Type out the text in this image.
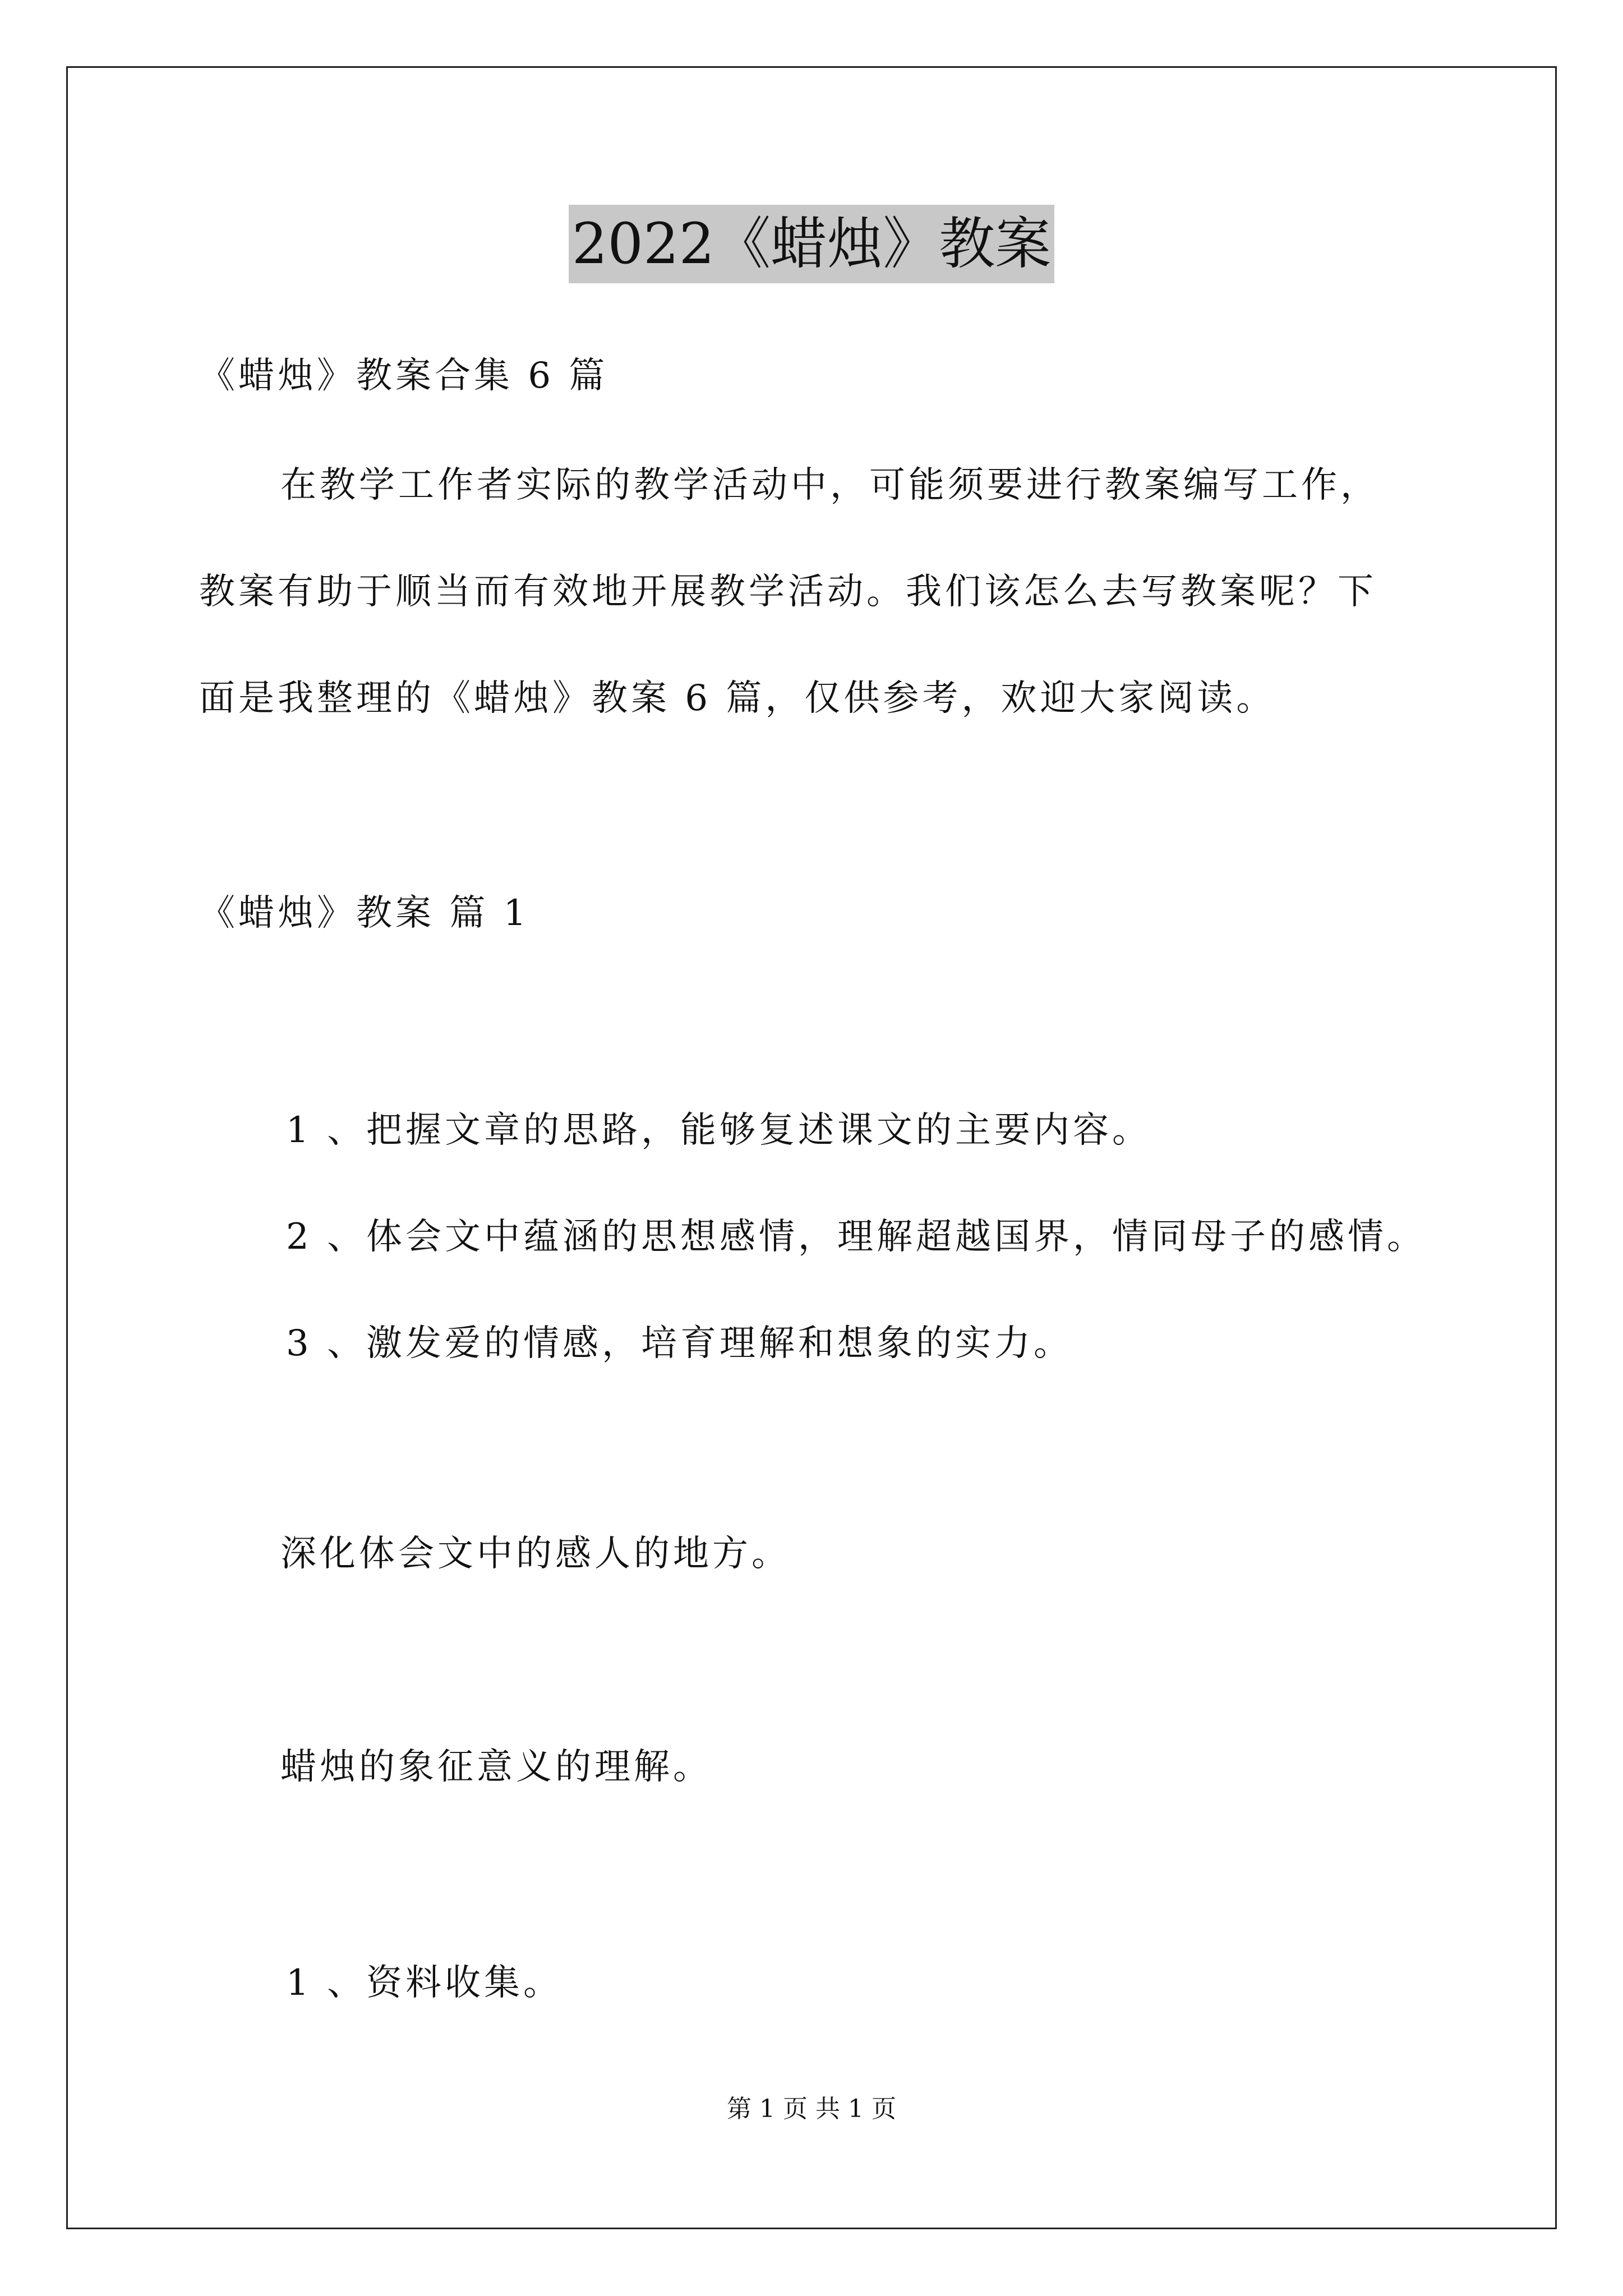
2022《蜡烛》教案
《蜡烛》教案合集 6 篇
在教学工作者实际的教学活动中，可能须要进行教案编写工作，
教案有助于顺当而有效地开展教学活动。我们该怎么去写教案呢？下
面是我整理的《蜡烛》教案 6 篇，仅供参考，欢迎大家阅读。
《蜡烛》教案 篇 1
1 、把握文章的思路，能够复述课文的主要内容。
2 、体会文中蕴涵的思想感情，理解超越国界，情同母子的感情。
3 、激发爱的情感，培育理解和想象的实力。
深化体会文中的感人的地方。
蜡烛的象征意义的理解。
1 、资料收集。
第 1 页 共 1 页
